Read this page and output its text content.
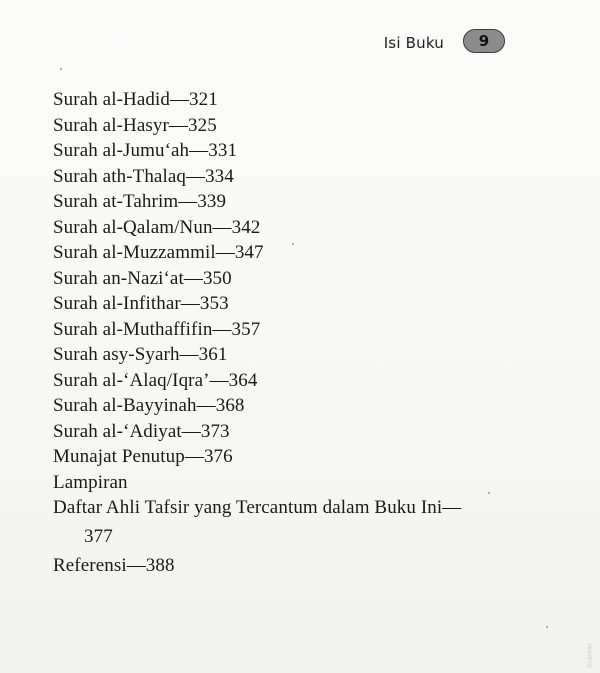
Isi Buku 9
Surah al-Hadid—321
Surah al-Hasyr—325
Surah al-Jumu‘ah—331
Surah ath-Thalaq—334
Surah at-Tahrim—339
Surah al-Qalam/Nun—342
Surah al-Muzzammil—347
Surah an-Nazi‘at—350
Surah al-Infithar—353
Surah al-Muthaffifin—357
Surah asy-Syarh—361
Surah al-‘Alaq/Iqra’—364
Surah al-Bayyinah—368
Surah al-‘Adiyat—373
Munajat Penutup—376
Lampiran
Daftar Ahli Tafsir yang Tercantum dalam Buku Ini—
377
Referensi—388
Scanner
